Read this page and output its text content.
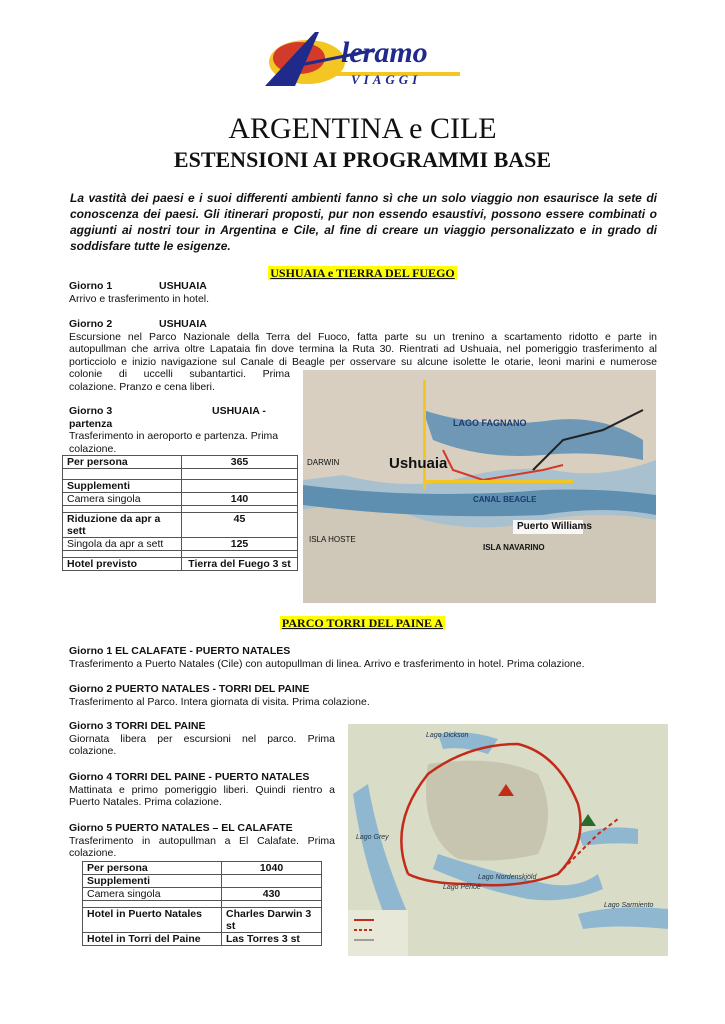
leramo
VIAGGI
ARGENTINA e CILE
ESTENSIONI AI PROGRAMMI BASE
La vastità dei paesi e i suoi differenti ambienti fanno sì che un solo viaggio non esaurisce la sete di conoscenza dei paesi. Gli itinerari proposti, pur non essendo esaustivi, possono essere combinati o aggiunti ai nostri tour in Argentina e Cile, al fine di creare un viaggio personalizzato e in grado di soddisfare tutte le esigenze.
USHUAIA e TIERRA DEL FUEGO
Giorno 1	USHUAIA
Arrivo e trasferimento in hotel.
Giorno 2	USHUAIA

Escursione nel Parco Nazionale della Terra del Fuoco, fatta parte su un trenino a scartamento ridotto e parte in
autopullman che arriva oltre Lapataia fin dove termina la Ruta 30. Rientrati ad Ushuaia, nel pomeriggio trasferimento al
porticciolo e inizio navigazione sul Canale di Beagle per osservare su alcune isolette le otarie, leoni marini e numerose
colonie di uccelli subantartici. Prima
colazione. Pranzo e cena liberi.
Giorno 3	USHUAIA - partenza
Trasferimento in aeroporto e partenza. Prima
colazione.
Per persona	365

Supplementi	
Camera singola	140

Riduzione da apr a sett	45
Singola da apr a sett	125

Hotel previsto	Tierra del Fuego 3 st
Ushuaia
LAGO FAGNANO
CANAL BEAGLE
Puerto Williams
ISLA NAVARINO
ISLA HOSTE
DARWIN
PARCO TORRI DEL PAINE A
Giorno 1 EL CALAFATE - PUERTO NATALES
Trasferimento a Puerto Natales (Cile) con autopullman di linea. Arrivo e trasferimento in hotel. Prima colazione.
Giorno 2 PUERTO NATALES - TORRI DEL PAINE
Trasferimento al Parco. Intera giornata di visita. Prima colazione.
Giorno 3 TORRI DEL PAINE

Giornata libera per escursioni nel parco. Prima
colazione.
Giorno 4 TORRI DEL PAINE - PUERTO NATALES

Mattinata e primo pomeriggio liberi. Quindi rientro a
Puerto Natales. Prima colazione.
Giorno 5 PUERTO NATALES – EL CALAFATE

Trasferimento in autopullman a El Calafate. Prima
colazione.
Per persona	1040
Supplementi	
Camera singola	430

Hotel in Puerto Natales	Charles Darwin 3 st
Hotel in Torri del Paine	Las Torres 3 st
Lago Dickson
Lago Grey
Lago Nordenskjöld
Lago Sarmiento
Lago Pehoé
